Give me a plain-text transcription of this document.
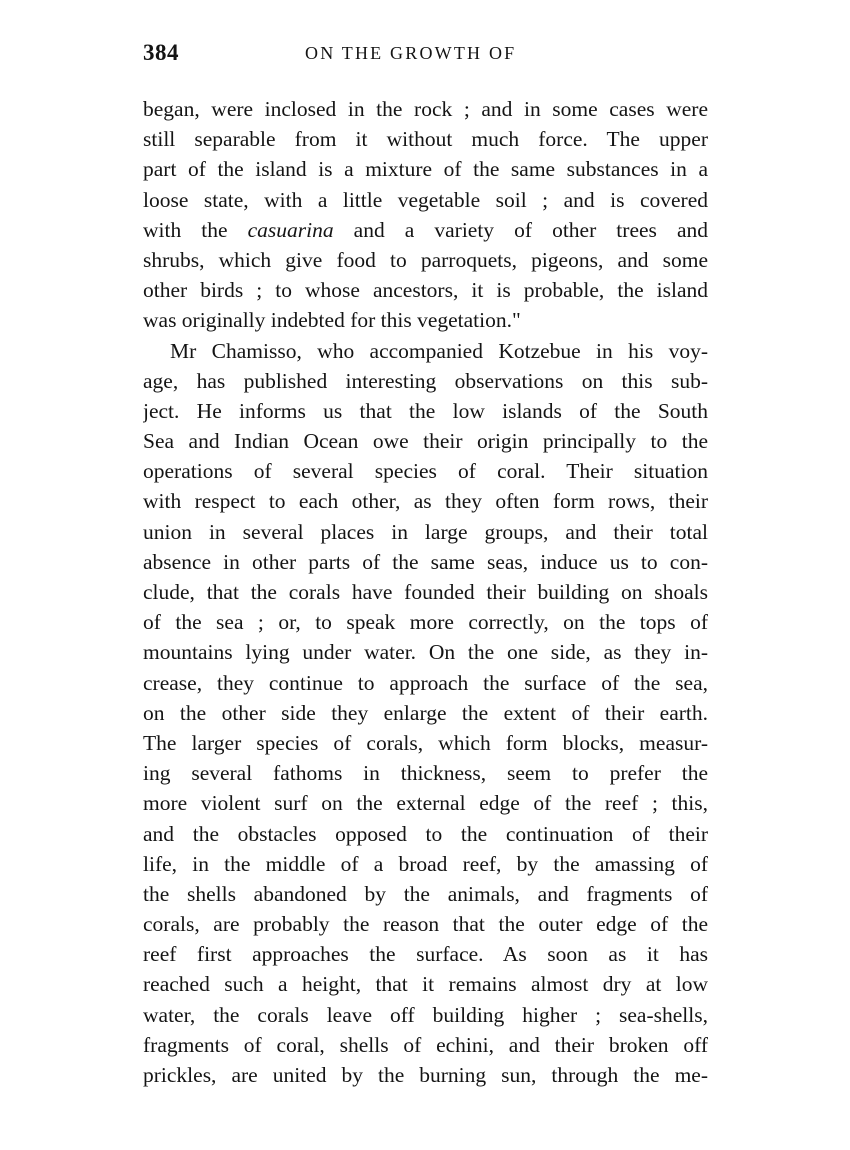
384	ON THE GROWTH OF
began, were inclosed in the rock ; and in some cases were
still separable from it without much force. The upper
part of the island is a mixture of the same substances in a
loose state, with a little vegetable soil ; and is covered
with the casuarina and a variety of other trees and
shrubs, which give food to parroquets, pigeons, and some
other birds ; to whose ancestors, it is probable, the island
was originally indebted for this vegetation."
Mr Chamisso, who accompanied Kotzebue in his voy-
age, has published interesting observations on this sub-
ject. He informs us that the low islands of the South
Sea and Indian Ocean owe their origin principally to the
operations of several species of coral. Their situation
with respect to each other, as they often form rows, their
union in several places in large groups, and their total
absence in other parts of the same seas, induce us to con-
clude, that the corals have founded their building on shoals
of the sea ; or, to speak more correctly, on the tops of
mountains lying under water. On the one side, as they in-
crease, they continue to approach the surface of the sea,
on the other side they enlarge the extent of their earth.
The larger species of corals, which form blocks, measur-
ing several fathoms in thickness, seem to prefer the
more violent surf on the external edge of the reef ; this,
and the obstacles opposed to the continuation of their
life, in the middle of a broad reef, by the amassing of
the shells abandoned by the animals, and fragments of
corals, are probably the reason that the outer edge of the
reef first approaches the surface. As soon as it has
reached such a height, that it remains almost dry at low
water, the corals leave off building higher ; sea-shells,
fragments of coral, shells of echini, and their broken off
prickles, are united by the burning sun, through the me-
